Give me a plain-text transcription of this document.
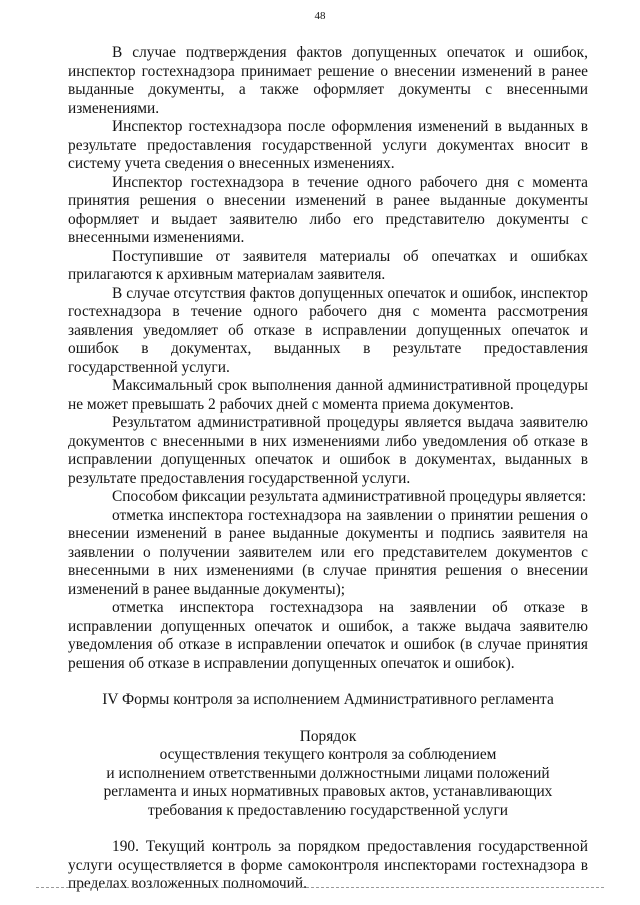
48

В случае подтверждения фактов допущенных опечаток и ошибок, инспектор гостехнадзора принимает решение о внесении изменений в ранее выданные документы, а также оформляет документы с внесенными изменениями.

Инспектор гостехнадзора после оформления изменений в выданных в результате предоставления государственной услуги документах вносит в систему учета сведения о внесенных изменениях.

Инспектор гостехнадзора в течение одного рабочего дня с момента принятия решения о внесении изменений в ранее выданные документы оформляет и выдает заявителю либо его представителю документы с внесенными изменениями.

Поступившие от заявителя материалы об опечатках и ошибках прилагаются к архивным материалам заявителя.

В случае отсутствия фактов допущенных опечаток и ошибок, инспектор гостехнадзора в течение одного рабочего дня с момента рассмотрения заявления уведомляет об отказе в исправлении допущенных опечаток и ошибок в документах, выданных в результате предоставления государственной услуги.

Максимальный срок выполнения данной административной процедуры не может превышать 2 рабочих дней с момента приема документов.

Результатом административной процедуры является выдача заявителю документов с внесенными в них изменениями либо уведомления об отказе в исправлении допущенных опечаток и ошибок в документах, выданных в результате предоставления государственной услуги.

Способом фиксации результата административной процедуры является:

отметка инспектора гостехнадзора на заявлении о принятии решения о внесении изменений в ранее выданные документы и подпись заявителя на заявлении о получении заявителем или его представителем документов с внесенными в них изменениями (в случае принятия решения о внесении изменений в ранее выданные документы);

отметка инспектора гостехнадзора на заявлении об отказе в исправлении допущенных опечаток и ошибок, а также выдача заявителю уведомления об отказе в исправлении опечаток и ошибок (в случае принятия решения об отказе в исправлении допущенных опечаток и ошибок).

IV Формы контроля за исполнением Административного регламента

Порядок
осуществления текущего контроля за соблюдением
и исполнением ответственными должностными лицами положений
регламента и иных нормативных правовых актов, устанавливающих
требования к предоставлению государственной услуги

190. Текущий контроль за порядком предоставления государственной услуги осуществляется в форме самоконтроля инспекторами гостехнадзора в пределах возложенных полномочий.
